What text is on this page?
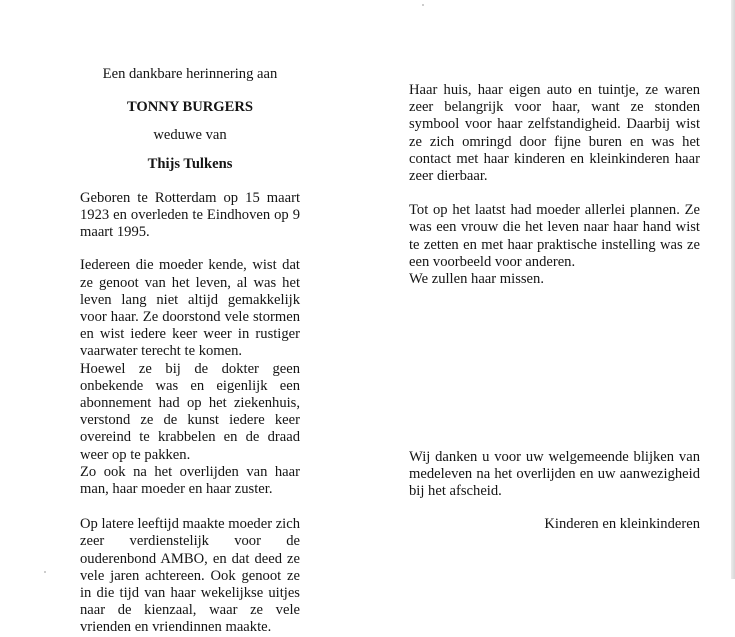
Een dankbare herinnering aan
TONNY BURGERS
weduwe van
Thijs Tulkens

Geboren te Rotterdam op 15 maart 1923 en overleden te Eindhoven op 9 maart 1995.

Iedereen die moeder kende, wist dat ze genoot van het leven, al was het leven lang niet altijd gemakkelijk voor haar. Ze doorstond vele stormen en wist iedere keer weer in rustiger vaarwater terecht te komen.

Hoewel ze bij de dokter geen onbekende was en eigenlijk een abonnement had op het ziekenhuis, verstond ze de kunst iedere keer overeind te krabbelen en de draad weer op te pakken.

Zo ook na het overlijden van haar man, haar moeder en haar zuster.

Op latere leeftijd maakte moeder zich zeer verdienstelijk voor de ouderenbond AMBO, en dat deed ze vele jaren achtereen. Ook genoot ze in die tijd van haar wekelijkse uitjes naar de kienzaal, waar ze vele vrienden en vriendinnen maakte.

Haar huis, haar eigen auto en tuintje, ze waren zeer belangrijk voor haar, want ze stonden symbool voor haar zelfstandigheid. Daarbij wist ze zich omringd door fijne buren en was het contact met haar kinderen en kleinkinderen haar zeer dierbaar.

Tot op het laatst had moeder allerlei plannen. Ze was een vrouw die het leven naar haar hand wist te zetten en met haar praktische instelling was ze een voorbeeld voor anderen.

We zullen haar missen.

Wij danken u voor uw welgemeende blijken van medeleven na het overlijden en uw aanwezigheid bij het afscheid.

Kinderen en kleinkinderen
